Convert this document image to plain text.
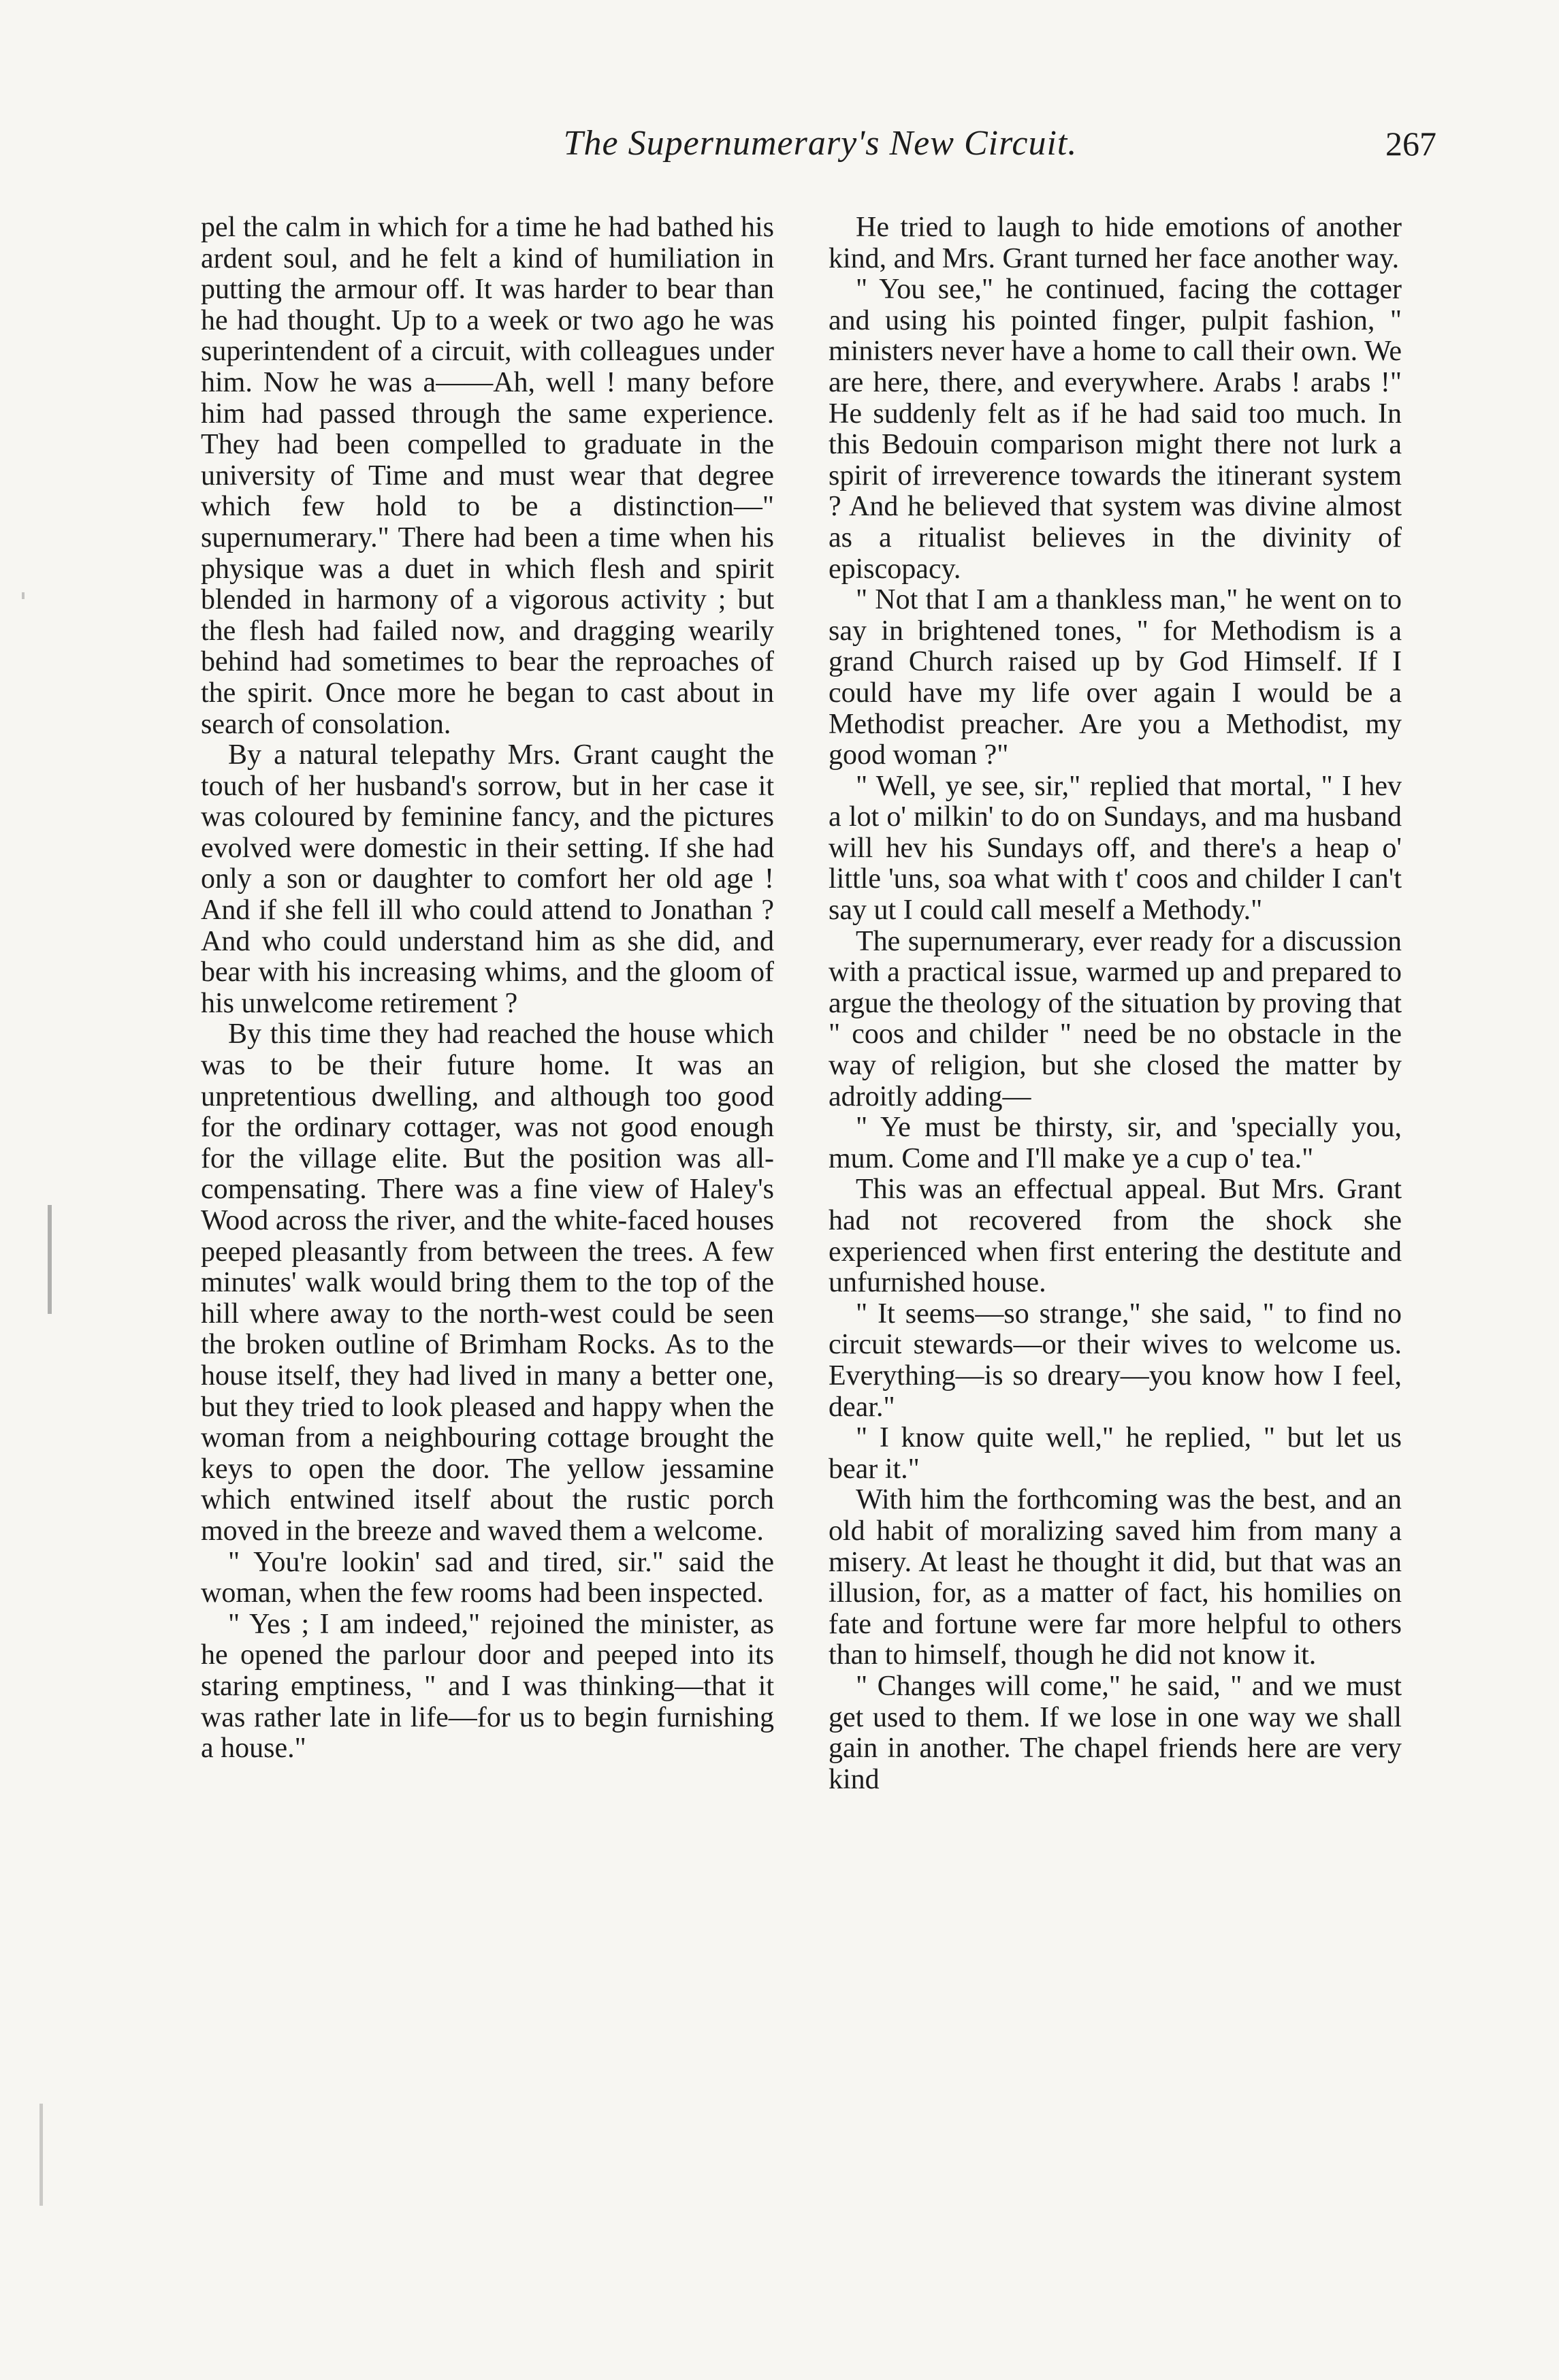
The Supernumerary's New Circuit.	267

pel the calm in which for a time he had bathed his ardent soul, and he felt a kind of humiliation in putting the armour off. It was harder to bear than he had thought. Up to a week or two ago he was superintendent of a circuit, with colleagues under him. Now he was a——Ah, well ! many before him had passed through the same experience. They had been compelled to graduate in the university of Time and must wear that degree which few hold to be a distinction—" supernumerary." There had been a time when his physique was a duet in which flesh and spirit blended in harmony of a vigorous activity ; but the flesh had failed now, and dragging wearily behind had sometimes to bear the reproaches of the spirit. Once more he began to cast about in search of consolation.

By a natural telepathy Mrs. Grant caught the touch of her husband's sorrow, but in her case it was coloured by feminine fancy, and the pictures evolved were domestic in their setting. If she had only a son or daughter to comfort her old age ! And if she fell ill who could attend to Jonathan ? And who could understand him as she did, and bear with his increasing whims, and the gloom of his unwelcome retirement ?

By this time they had reached the house which was to be their future home. It was an unpretentious dwelling, and although too good for the ordinary cottager, was not good enough for the village elite. But the position was all-compensating. There was a fine view of Haley's Wood across the river, and the white-faced houses peeped pleasantly from between the trees. A few minutes' walk would bring them to the top of the hill where away to the north-west could be seen the broken outline of Brimham Rocks. As to the house itself, they had lived in many a better one, but they tried to look pleased and happy when the woman from a neighbouring cottage brought the keys to open the door. The yellow jessamine which entwined itself about the rustic porch moved in the breeze and waved them a welcome.

" You're lookin' sad and tired, sir." said the woman, when the few rooms had been inspected.

" Yes ; I am indeed," rejoined the minister, as he opened the parlour door and peeped into its staring emptiness, " and I was thinking—that it was rather late in life—for us to begin furnishing a house."

He tried to laugh to hide emotions of another kind, and Mrs. Grant turned her face another way.

" You see," he continued, facing the cottager and using his pointed finger, pulpit fashion, " ministers never have a home to call their own. We are here, there, and everywhere. Arabs ! arabs !" He suddenly felt as if he had said too much. In this Bedouin comparison might there not lurk a spirit of irreverence towards the itinerant system ? And he believed that system was divine almost as a ritualist believes in the divinity of episcopacy.

" Not that I am a thankless man," he went on to say in brightened tones, " for Methodism is a grand Church raised up by God Himself. If I could have my life over again I would be a Methodist preacher. Are you a Methodist, my good woman ?"

" Well, ye see, sir," replied that mortal, " I hev a lot o' milkin' to do on Sundays, and ma husband will hev his Sundays off, and there's a heap o' little 'uns, soa what with t' coos and childer I can't say ut I could call meself a Methody."

The supernumerary, ever ready for a discussion with a practical issue, warmed up and prepared to argue the theology of the situation by proving that " coos and childer " need be no obstacle in the way of religion, but she closed the matter by adroitly adding—

" Ye must be thirsty, sir, and 'specially you, mum. Come and I'll make ye a cup o' tea."

This was an effectual appeal. But Mrs. Grant had not recovered from the shock she experienced when first entering the destitute and unfurnished house.

" It seems—so strange," she said, " to find no circuit stewards—or their wives to welcome us. Everything—is so dreary—you know how I feel, dear."

" I know quite well," he replied, " but let us bear it."

With him the forthcoming was the best, and an old habit of moralizing saved him from many a misery. At least he thought it did, but that was an illusion, for, as a matter of fact, his homilies on fate and fortune were far more helpful to others than to himself, though he did not know it.

" Changes will come," he said, " and we must get used to them. If we lose in one way we shall gain in another. The chapel friends here are very kind
